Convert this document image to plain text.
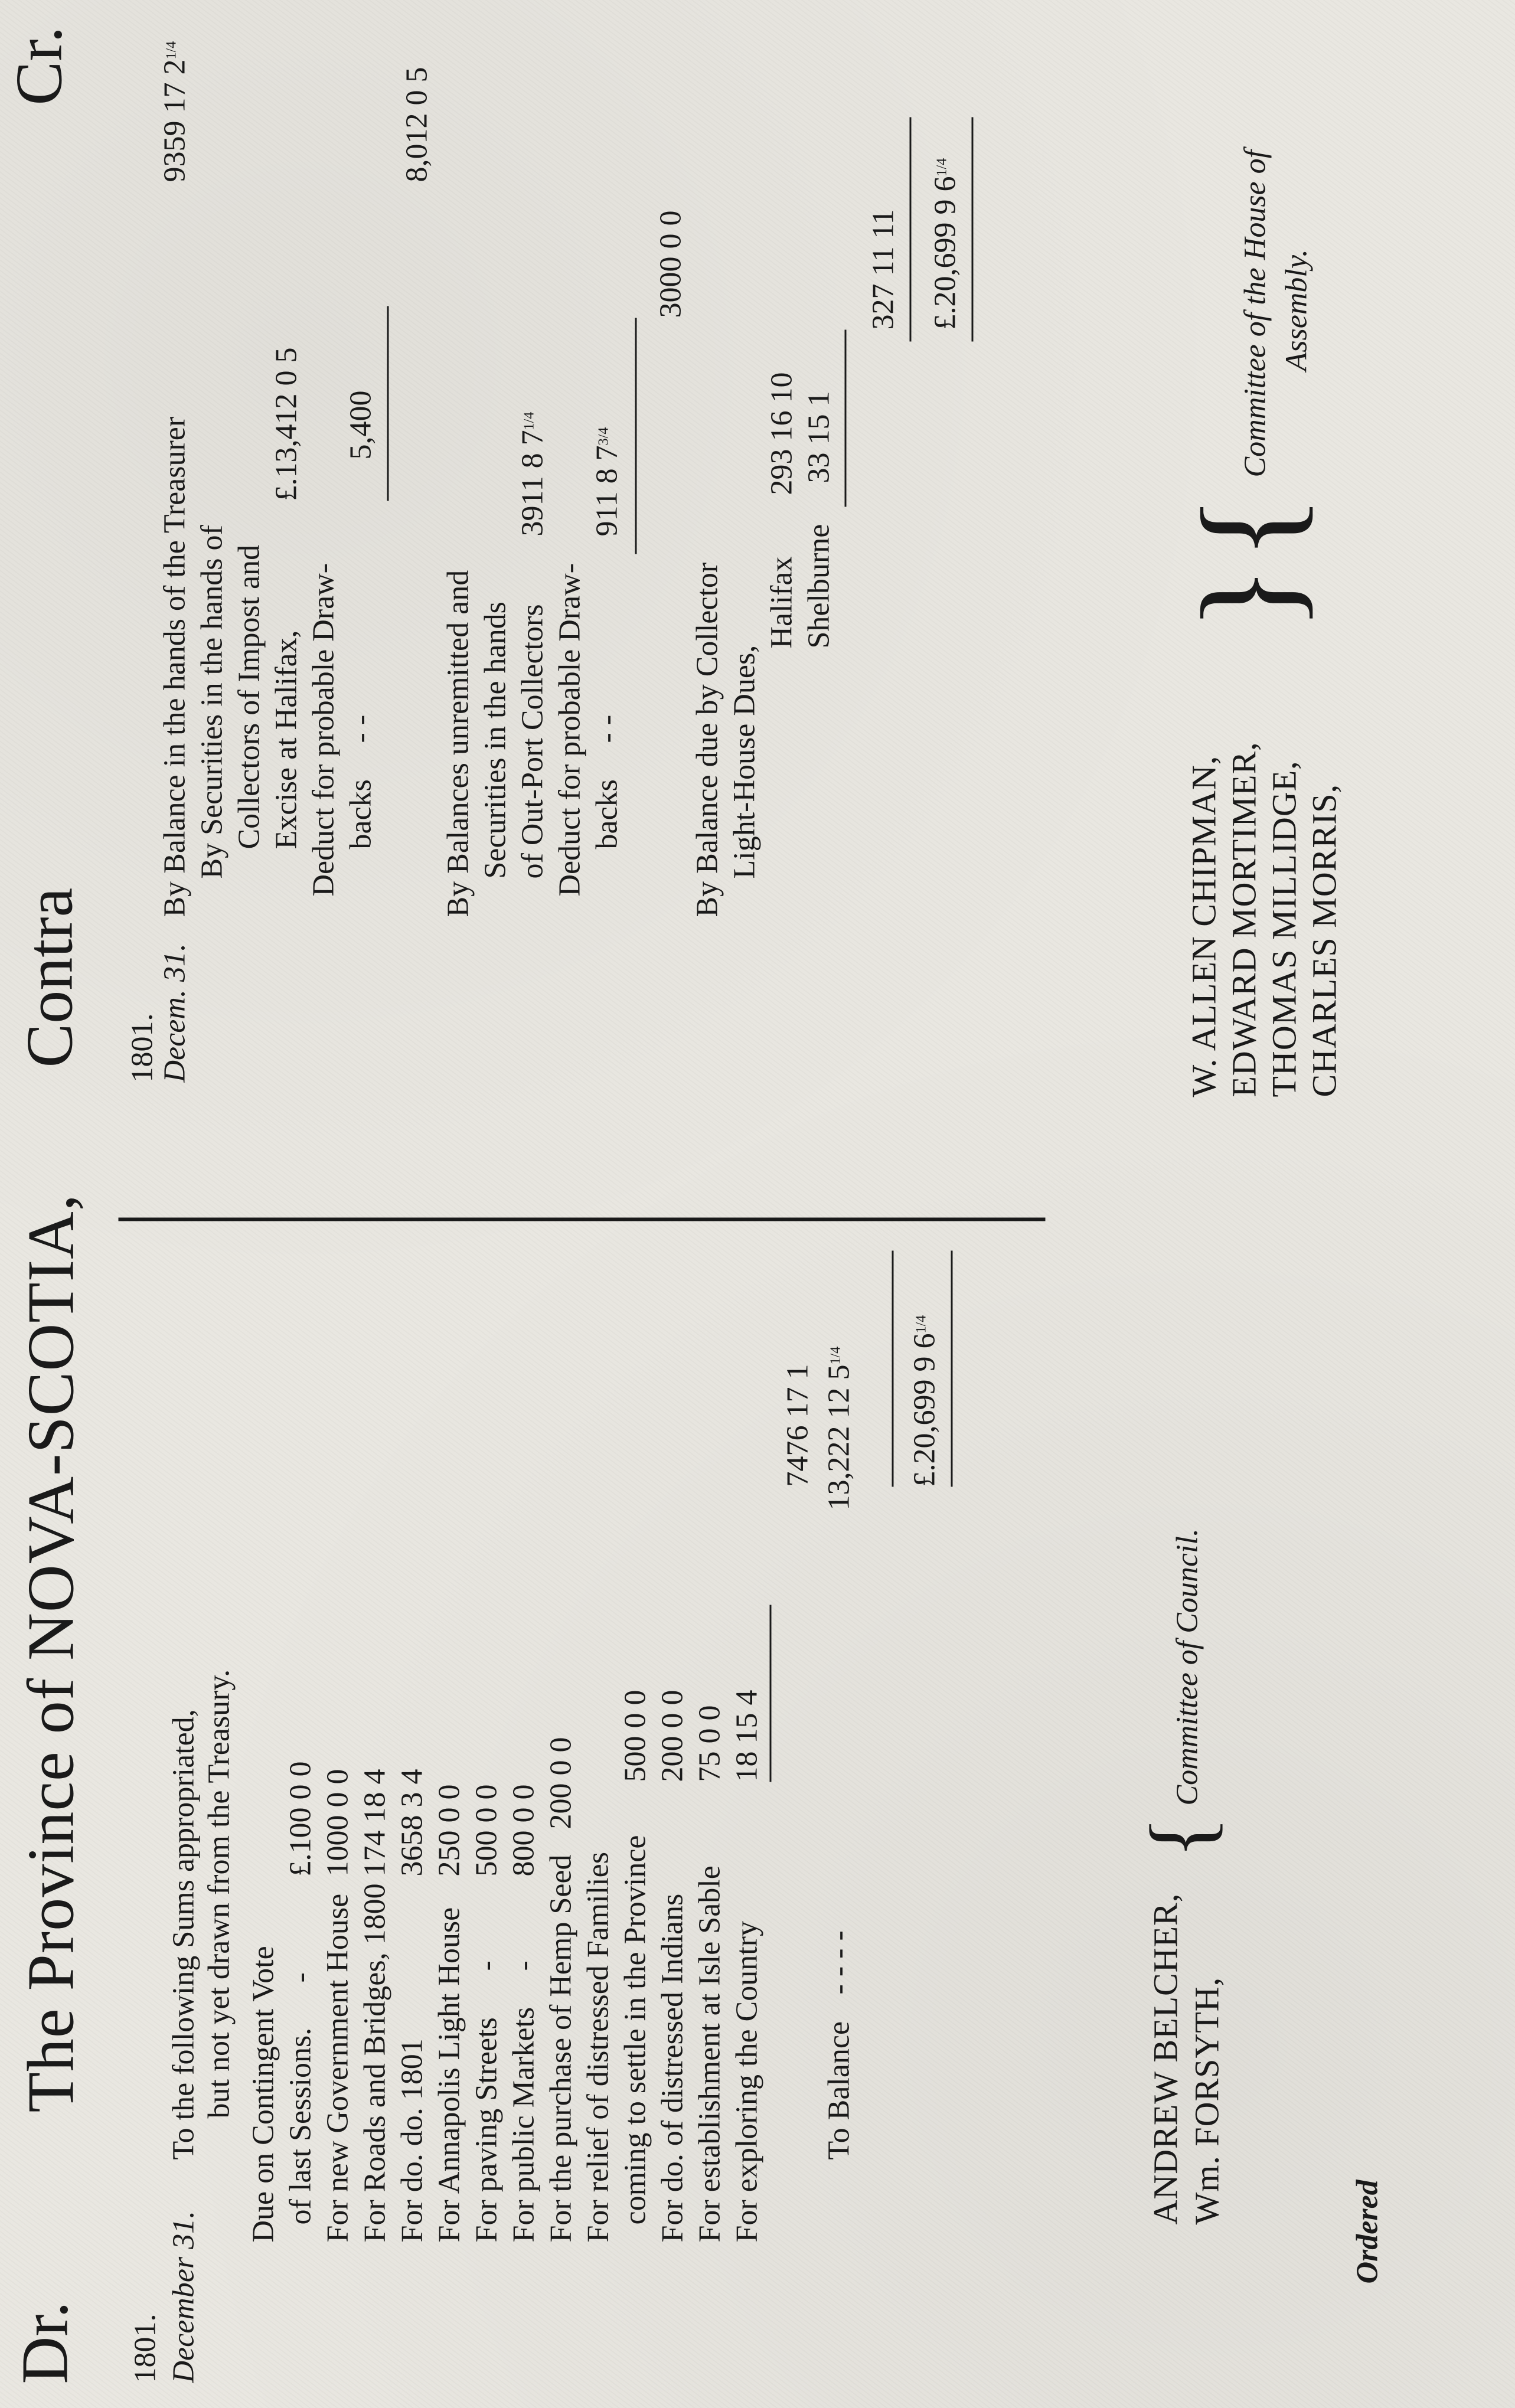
Dr.
The Province of NOVA-SCOTIA,
Contra
Cr.
1801. December 31.
To the following Sums appropriated, but not yet drawn from the Treasury. Due on Contingent Vote of last Sessions.
-
£.100 0 0
For new Government House
1000 0 0
For Roads and Bridges, 1800
174 18 4
For do. do. 1801
3658 3 4
For Annapolis Light House
250 0 0
For paving Streets
-
500 0 0
For public Markets
-
800 0 0
For the purchase of Hemp Seed
200 0 0
For relief of distressed Families coming to settle in the Province
500 0 0
For do. of distressed Indians
200 0 0
For establishment at Isle Sable
75 0 0
For exploring the Country
18 15 4
7476 17 1
To Balance
- - - -
13,222 12 $5^{1/4}$	£.20,699 9 $6^{1/4}$
1801.
Decem. 31.
By Balance in the hands of the Treasurer
9359 17 $2^{1/4}$
By Securities in the hands of Collectors of Impost and Excise at Halifax,
£.13,412 0 5
Deduct for probable Draw- backs
- -
5,400
8,012 0 5
By Balances unremitted and Securities in the hands of Out-Port Collectors
3911 8 $7^{1/4}$
Deduct for probable Draw- backs
- -
911 8 $7^{3/4}$
3000 0 0
By Balance due by Collector Light-House Dues,
Halifax
293 16 10
Shelburne
33 15 1
327 11 11 £.20,699 9 $6^{1/4}$
ANDREW BELCHER, Wm. FORSYTH,
{
Committee of Council.
W. ALLEN CHIPMAN, EDWARD MORTIMER, THOMAS MILLIDGE, CHARLES MORRIS,
}
{
Committee of the House of Assembly.
Ordered
